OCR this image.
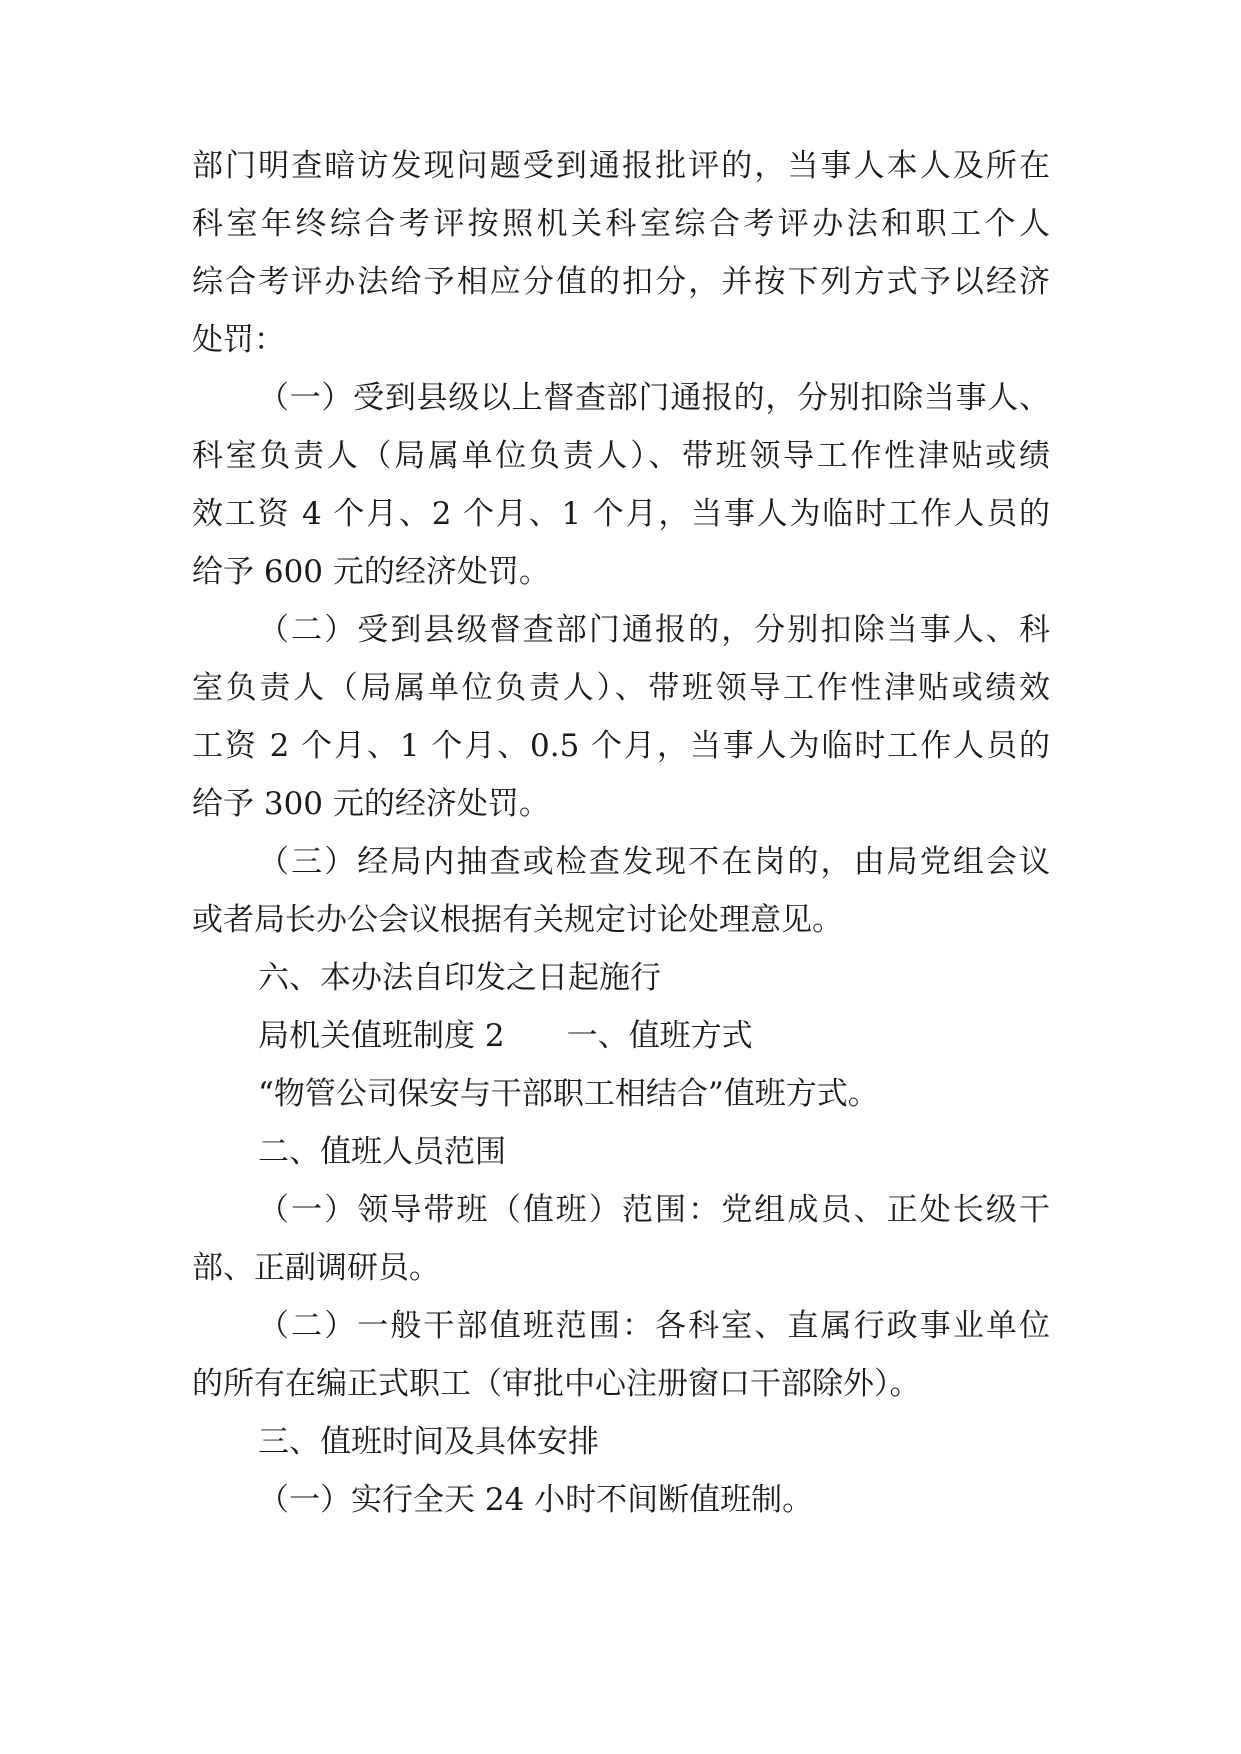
部门明查暗访发现问题受到通报批评的，当事人本人及所在
科室年终综合考评按照机关科室综合考评办法和职工个人
综合考评办法给予相应分值的扣分，并按下列方式予以经济
处罚：
（一）受到县级以上督查部门通报的，分别扣除当事人、
科室负责人（局属单位负责人）、带班领导工作性津贴或绩
效工资 4 个月、2 个月、1 个月，当事人为临时工作人员的
给予 600 元的经济处罚。
（二）受到县级督查部门通报的，分别扣除当事人、科
室负责人（局属单位负责人）、带班领导工作性津贴或绩效
工资 2 个月、1 个月、0.5 个月，当事人为临时工作人员的
给予 300 元的经济处罚。
（三）经局内抽查或检查发现不在岗的，由局党组会议
或者局长办公会议根据有关规定讨论处理意见。
六、本办法自印发之日起施行
局机关值班制度 2　　一、值班方式
“物管公司保安与干部职工相结合”值班方式。
二、值班人员范围
（一）领导带班（值班）范围：党组成员、正处长级干
部、正副调研员。
（二）一般干部值班范围：各科室、直属行政事业单位
的所有在编正式职工（审批中心注册窗口干部除外）。
三、值班时间及具体安排
（一）实行全天 24 小时不间断值班制。
